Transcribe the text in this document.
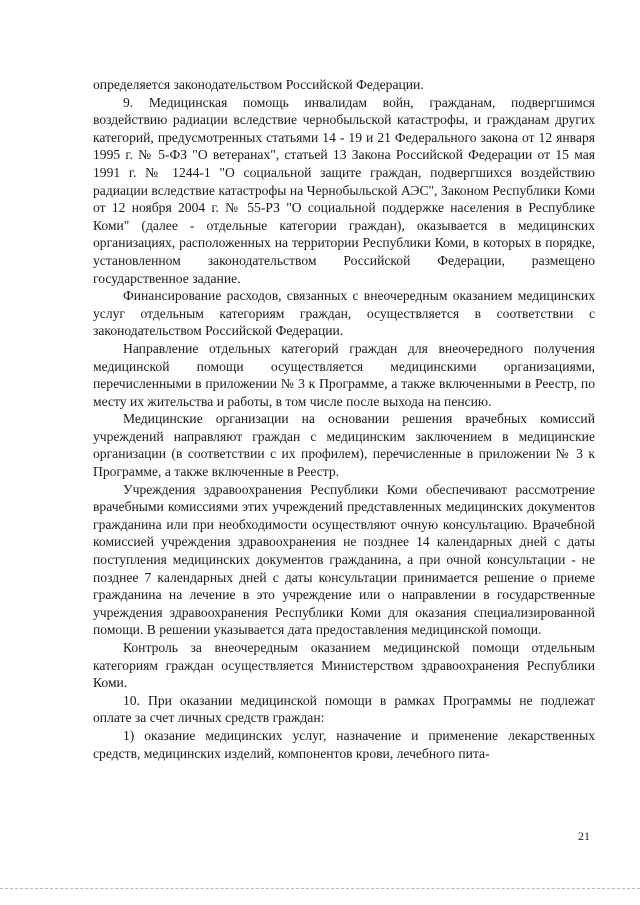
определяется законодательством Российской Федерации.

9. Медицинская помощь инвалидам войн, гражданам, подвергшимся воздействию радиации вследствие чернобыльской катастрофы, и гражданам других категорий, предусмотренных статьями 14 - 19 и 21 Федерального закона от 12 января 1995 г. № 5-ФЗ "О ветеранах", статьей 13 Закона Российской Федерации от 15 мая 1991 г. № 1244-1 "О социальной защите граждан, подвергшихся воздействию радиации вследствие катастрофы на Чернобыльской АЭС", Законом Республики Коми от 12 ноября 2004 г. № 55-РЗ "О социальной поддержке населения в Республике Коми" (далее - отдельные категории граждан), оказывается в медицинских организациях, расположенных на территории Республики Коми, в которых в порядке, установленном законодательством Российской Федерации, размещено государственное задание.

Финансирование расходов, связанных с внеочередным оказанием медицинских услуг отдельным категориям граждан, осуществляется в соответствии с законодательством Российской Федерации.

Направление отдельных категорий граждан для внеочередного получения медицинской помощи осуществляется медицинскими организациями, перечисленными в приложении № 3 к Программе, а также включенными в Реестр, по месту их жительства и работы, в том числе после выхода на пенсию.

Медицинские организации на основании решения врачебных комиссий учреждений направляют граждан с медицинским заключением в медицинские организации (в соответствии с их профилем), перечисленные в приложении № 3 к Программе, а также включенные в Реестр.

Учреждения здравоохранения Республики Коми обеспечивают рассмотрение врачебными комиссиями этих учреждений представленных медицинских документов гражданина или при необходимости осуществляют очную консультацию. Врачебной комиссией учреждения здравоохранения не позднее 14 календарных дней с даты поступления медицинских документов гражданина, а при очной консультации - не позднее 7 календарных дней с даты консультации принимается решение о приеме гражданина на лечение в это учреждение или о направлении в государственные учреждения здравоохранения Республики Коми для оказания специализированной помощи. В решении указывается дата предоставления медицинской помощи.

Контроль за внеочередным оказанием медицинской помощи отдельным категориям граждан осуществляется Министерством здравоохранения Республики Коми.

10. При оказании медицинской помощи в рамках Программы не подлежат оплате за счет личных средств граждан:

1) оказание медицинских услуг, назначение и применение лекарственных средств, медицинских изделий, компонентов крови, лечебного пита-

21
